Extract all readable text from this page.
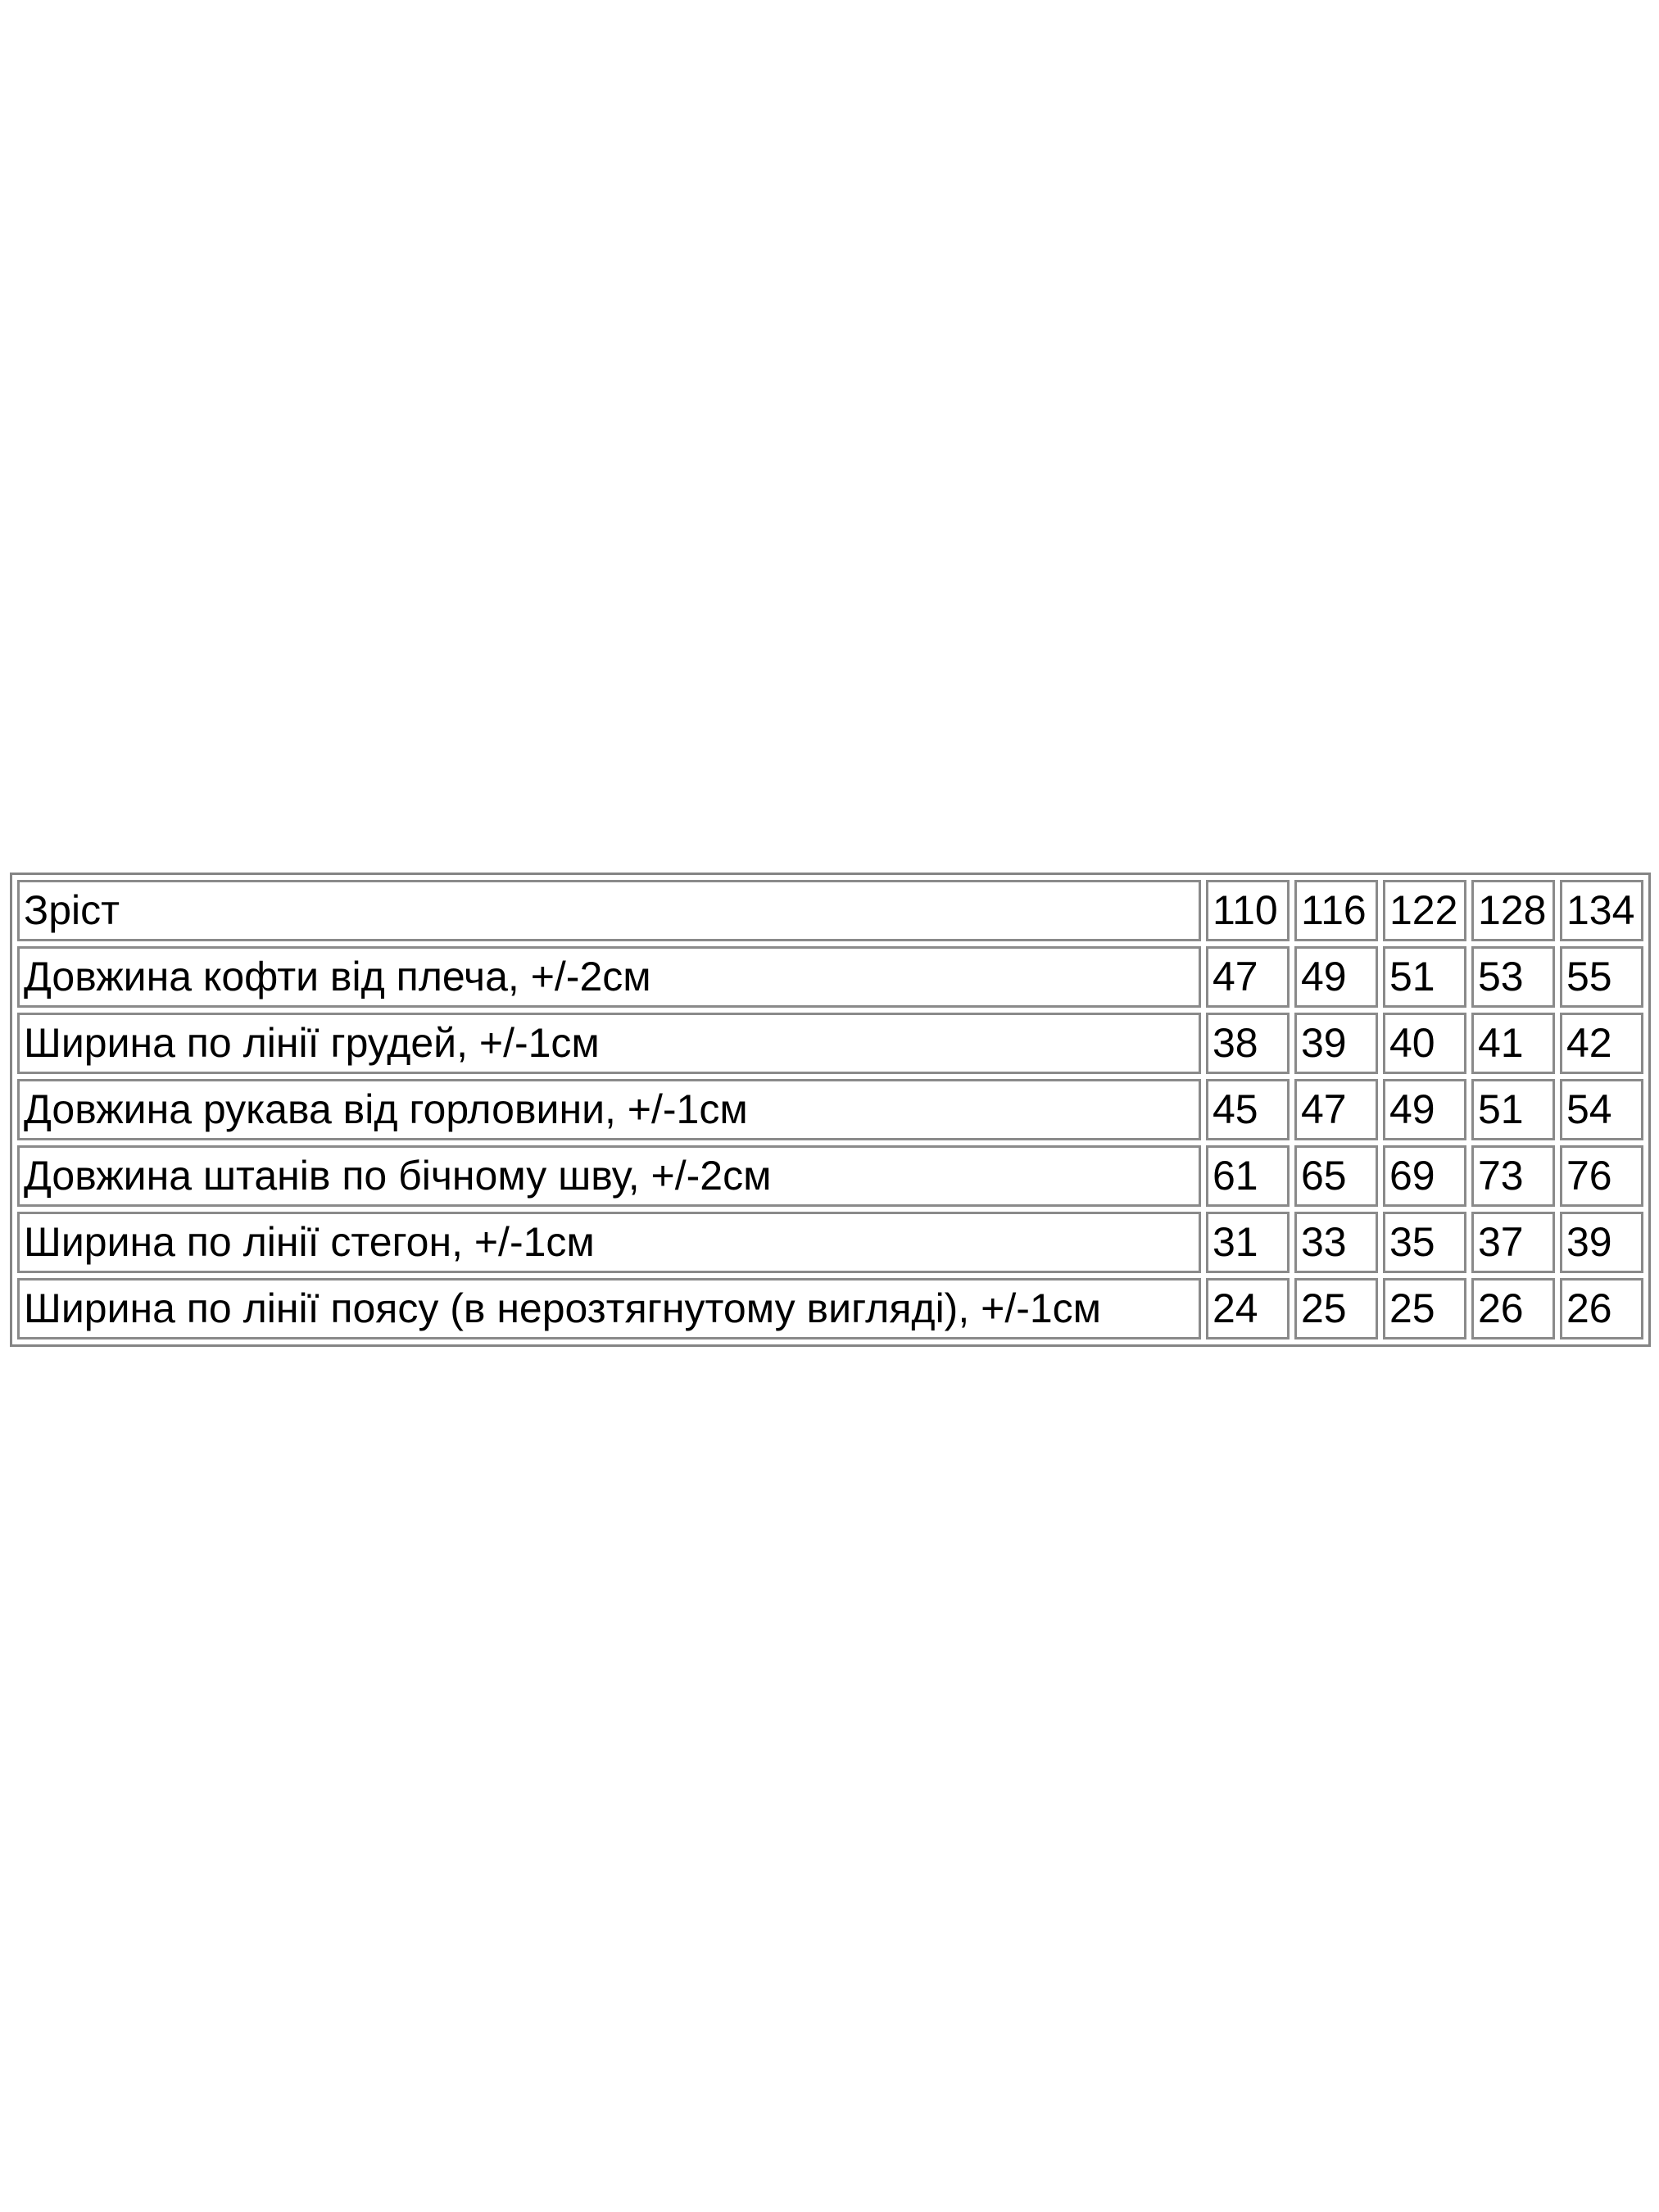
Зріст	110	116	122	128	134
Довжина кофти від плеча, +/-2см	47	49	51	53	55
Ширина по лінії грудей, +/-1см	38	39	40	41	42
Довжина рукава від горловини, +/-1см	45	47	49	51	54
Довжина штанів по бічному шву, +/-2см	61	65	69	73	76
Ширина по лінії стегон, +/-1см	31	33	35	37	39
Ширина по лінії поясу (в нерозтягнутому вигляді), +/-1см	24	25	25	26	26
